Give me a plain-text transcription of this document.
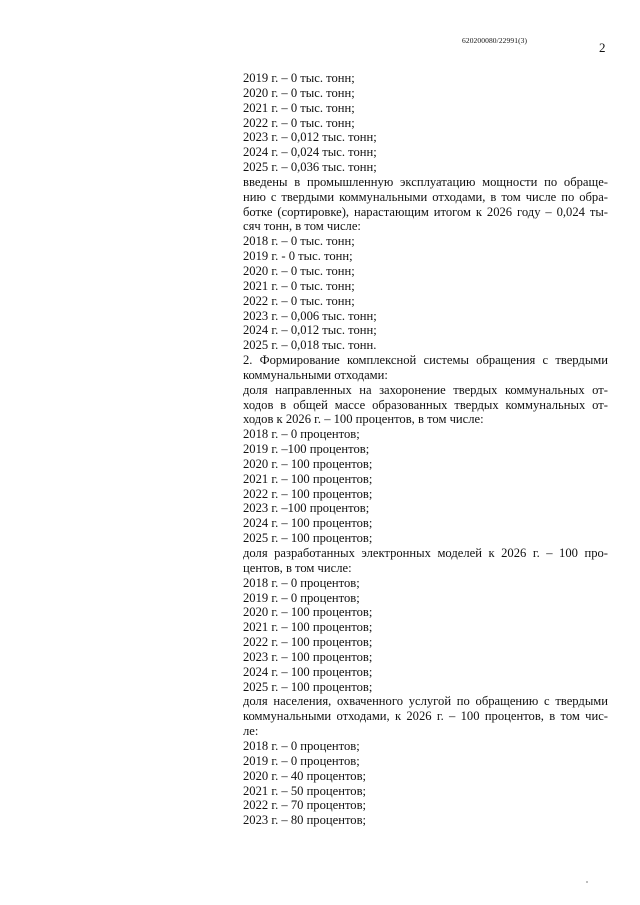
620200080/22991(3)	2
2019 г. – 0 тыс. тонн;
2020 г. – 0 тыс. тонн;
2021 г. – 0 тыс. тонн;
2022 г. – 0 тыс. тонн;
2023 г. – 0,012 тыс. тонн;
2024 г. – 0,024 тыс. тонн;
2025 г. – 0,036 тыс. тонн;
введены в промышленную эксплуатацию мощности по обраще-
нию с твердыми коммунальными отходами, в том числе по обра-
ботке (сортировке), нарастающим итогом к 2026 году – 0,024 ты-
сяч тонн, в том числе:
2018 г. – 0 тыс. тонн;
2019 г. - 0 тыс. тонн;
2020 г. – 0 тыс. тонн;
2021 г. – 0 тыс. тонн;
2022 г. – 0 тыс. тонн;
2023 г. – 0,006 тыс. тонн;
2024 г. – 0,012 тыс. тонн;
2025 г. – 0,018 тыс. тонн.
2. Формирование комплексной системы обращения с твердыми
коммунальными отходами:
доля направленных на захоронение твердых коммунальных от-
ходов в общей массе образованных твердых коммунальных от-
ходов к 2026 г. – 100 процентов, в том числе:
2018 г. – 0 процентов;
2019 г. –100 процентов;
2020 г. – 100 процентов;
2021 г. – 100 процентов;
2022 г. – 100 процентов;
2023 г. –100 процентов;
2024 г. – 100 процентов;
2025 г. – 100 процентов;
доля разработанных электронных моделей к 2026 г. – 100 про-
центов, в том числе:
2018 г. – 0 процентов;
2019 г. – 0 процентов;
2020 г. – 100 процентов;
2021 г. – 100 процентов;
2022 г. – 100 процентов;
2023 г. – 100 процентов;
2024 г. – 100 процентов;
2025 г. – 100 процентов;
доля населения, охваченного услугой по обращению с твердыми
коммунальными отходами, к 2026 г. – 100 процентов, в том чис-
ле:
2018 г. – 0 процентов;
2019 г. – 0 процентов;
2020 г. – 40 процентов;
2021 г. – 50 процентов;
2022 г. – 70 процентов;
2023 г. – 80 процентов;
